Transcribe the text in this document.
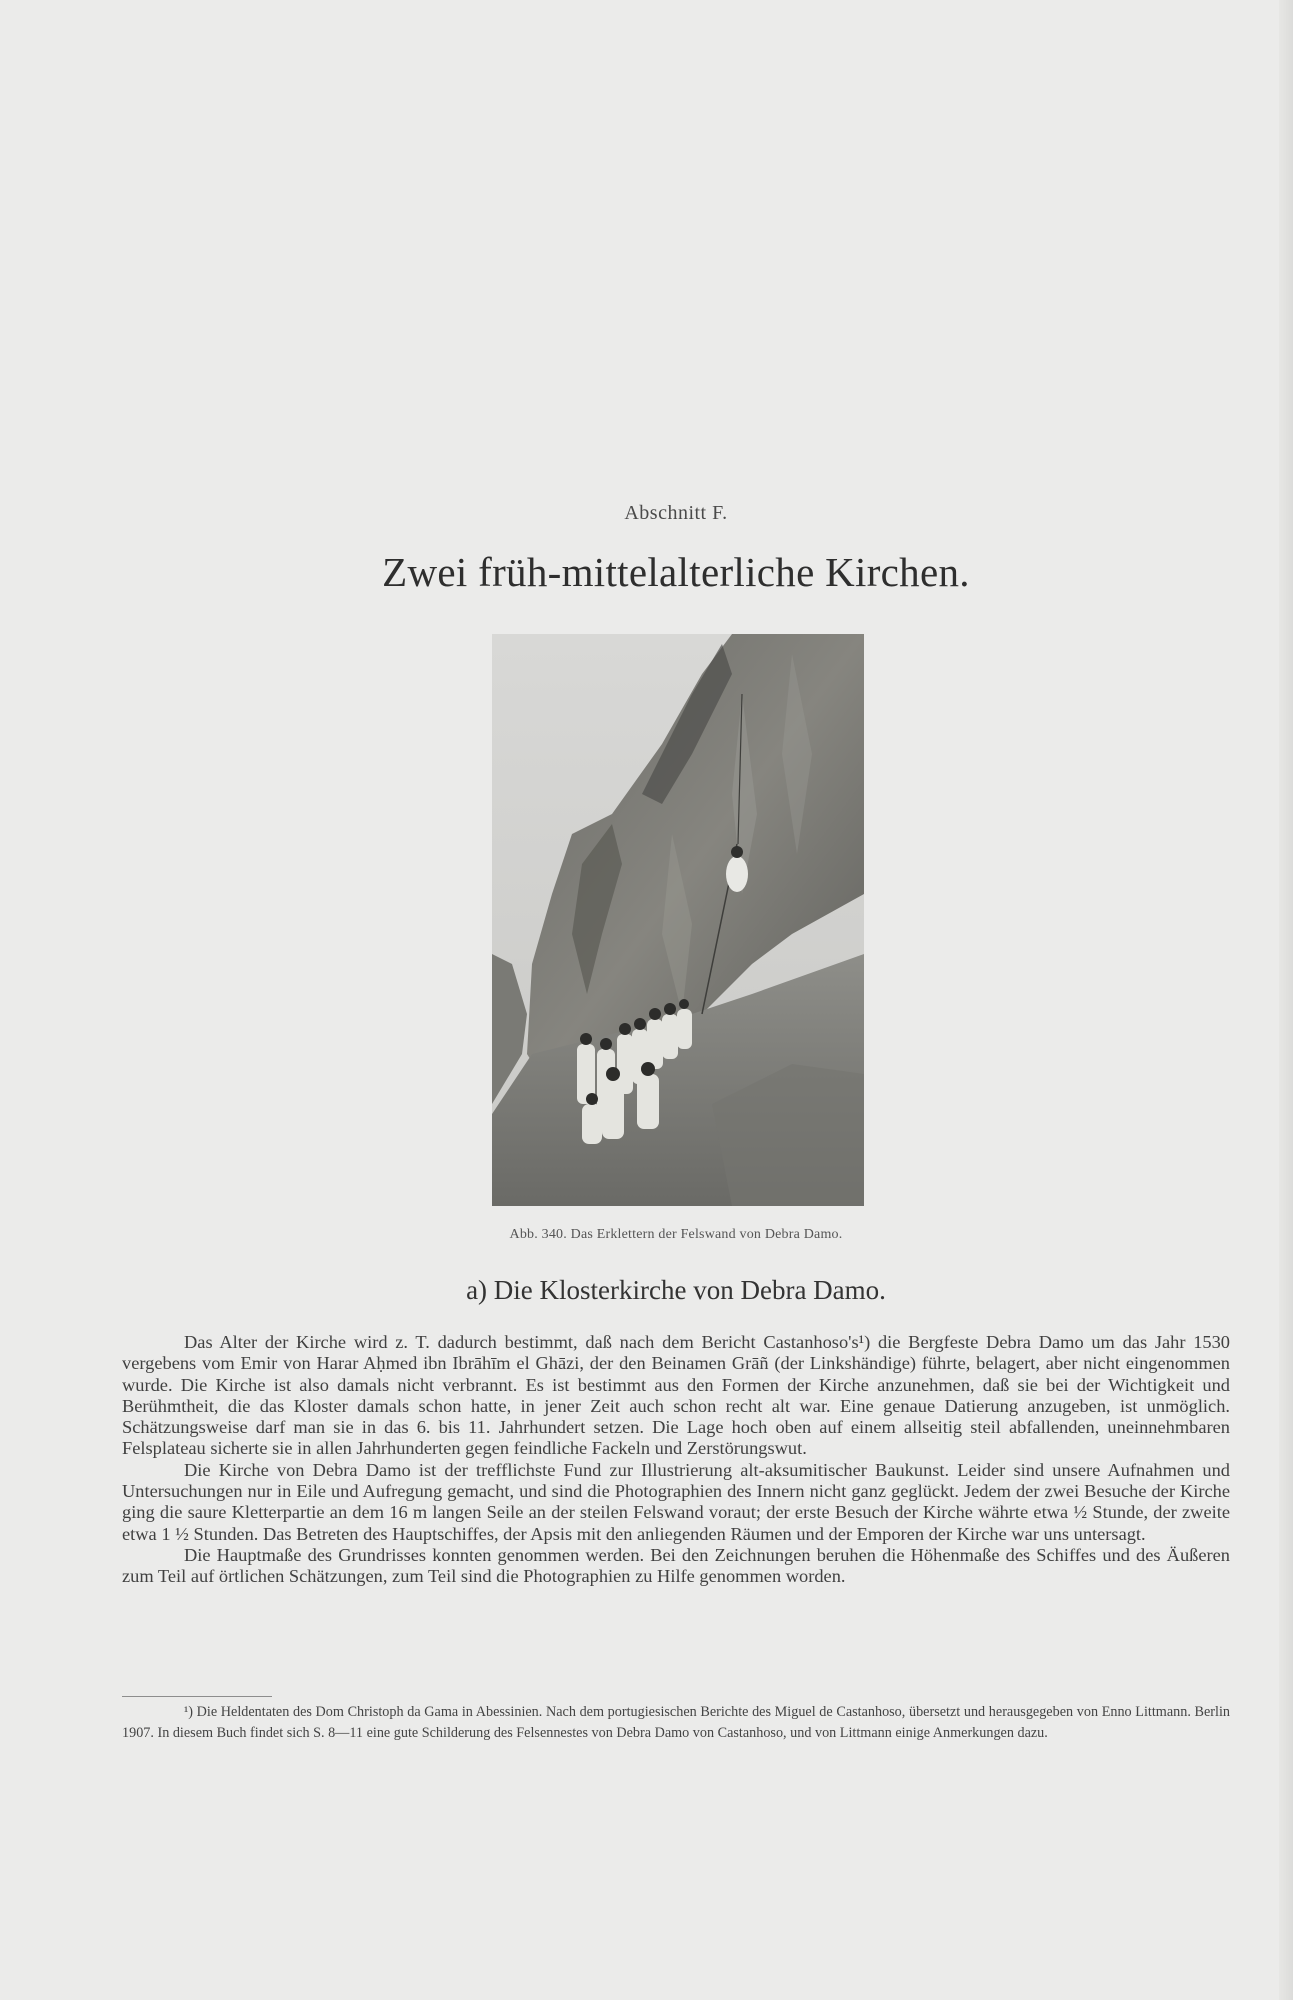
Abschnitt F.
Zwei früh-mittelalterliche Kirchen.
Abb. 340. Das Erklettern der Felswand von Debra Damo.
a) Die Klosterkirche von Debra Damo.

Das Alter der Kirche wird z. T. dadurch bestimmt, daß nach dem Bericht Castanhoso's¹) die Bergfeste Debra Damo um das Jahr 1530 vergebens vom Emir von Harar Aḥmed ibn Ibrāhīm el Ghāzi, der den Beinamen Grāñ (der Linkshändige) führte, belagert, aber nicht eingenommen wurde. Die Kirche ist also damals nicht verbrannt. Es ist bestimmt aus den Formen der Kirche anzunehmen, daß sie bei der Wichtigkeit und Berühmtheit, die das Kloster damals schon hatte, in jener Zeit auch schon recht alt war. Eine genaue Datierung anzugeben, ist unmöglich. Schätzungsweise darf man sie in das 6. bis 11. Jahrhundert setzen. Die Lage hoch oben auf einem allseitig steil abfallenden, uneinnehmbaren Felsplateau sicherte sie in allen Jahrhunderten gegen feindliche Fackeln und Zerstörungswut.

Die Kirche von Debra Damo ist der trefflichste Fund zur Illustrierung alt-aksumitischer Baukunst. Leider sind unsere Aufnahmen und Untersuchungen nur in Eile und Aufregung gemacht, und sind die Photographien des Innern nicht ganz geglückt. Jedem der zwei Besuche der Kirche ging die saure Kletterpartie an dem 16 m langen Seile an der steilen Felswand voraut; der erste Besuch der Kirche währte etwa ½ Stunde, der zweite etwa 1 ½ Stunden. Das Betreten des Hauptschiffes, der Apsis mit den anliegenden Räumen und der Emporen der Kirche war uns untersagt.

Die Hauptmaße des Grundrisses konnten genommen werden. Bei den Zeichnungen beruhen die Höhenmaße des Schiffes und des Äußeren zum Teil auf örtlichen Schätzungen, zum Teil sind die Photographien zu Hilfe genommen worden.

¹) Die Heldentaten des Dom Christoph da Gama in Abessinien. Nach dem portugiesischen Berichte des Miguel de Castanhoso, übersetzt und herausgegeben von Enno Littmann. Berlin 1907. In diesem Buch findet sich S. 8—11 eine gute Schilderung des Felsennestes von Debra Damo von Castanhoso, und von Littmann einige Anmerkungen dazu.
